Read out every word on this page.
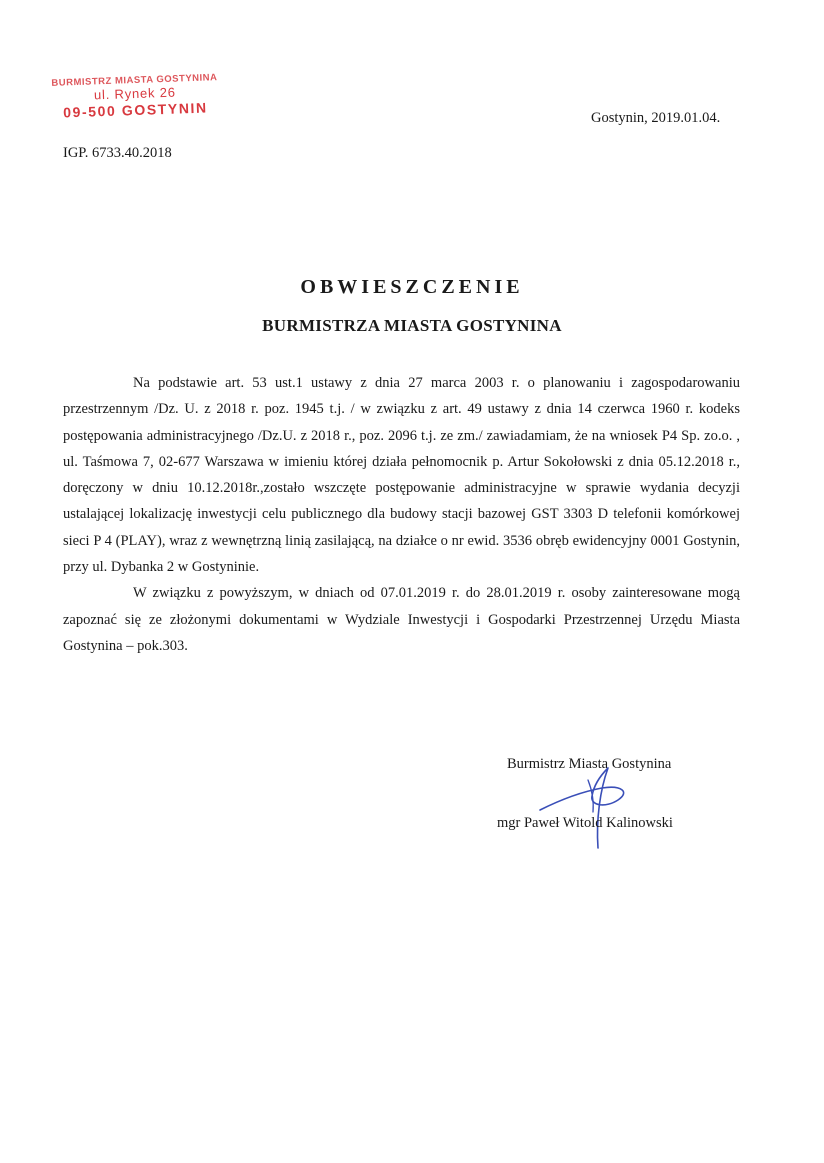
BURMISTRZ MIASTA GOSTYNINA
ul. Rynek 26
09-500 GOSTYNIN	Gostynin, 2019.01.04.
IGP. 6733.40.2018
OBWIESZCZENIE
BURMISTRZA MIASTA GOSTYNINA

Na podstawie art. 53 ust.1 ustawy z dnia 27 marca 2003 r. o planowaniu i zagospodarowaniu przestrzennym /Dz. U. z 2018 r. poz. 1945 t.j. / w związku z art. 49 ustawy z dnia 14 czerwca 1960 r. kodeks postępowania administracyjnego /Dz.U. z 2018 r., poz. 2096 t.j. ze zm./ zawiadamiam, że na wniosek P4 Sp. zo.o. , ul. Taśmowa 7, 02-677 Warszawa w imieniu której działa pełnomocnik p. Artur Sokołowski z dnia 05.12.2018 r., doręczony w dniu 10.12.2018r.,zostało wszczęte postępowanie administracyjne w sprawie wydania decyzji ustalającej lokalizację inwestycji celu publicznego dla budowy stacji bazowej GST 3303 D telefonii komórkowej sieci P 4 (PLAY), wraz z wewnętrzną linią zasilającą, na działce o nr ewid. 3536 obręb ewidencyjny 0001 Gostynin, przy ul. Dybanka 2 w Gostyninie.

W związku z powyższym, w dniach od 07.01.2019 r. do 28.01.2019 r. osoby zainteresowane mogą zapoznać się ze złożonymi dokumentami w Wydziale Inwestycji i Gospodarki Przestrzennej Urzędu Miasta Gostynina – pok.303.

Burmistrz Miasta Gostynina
mgr Paweł Witold Kalinowski
